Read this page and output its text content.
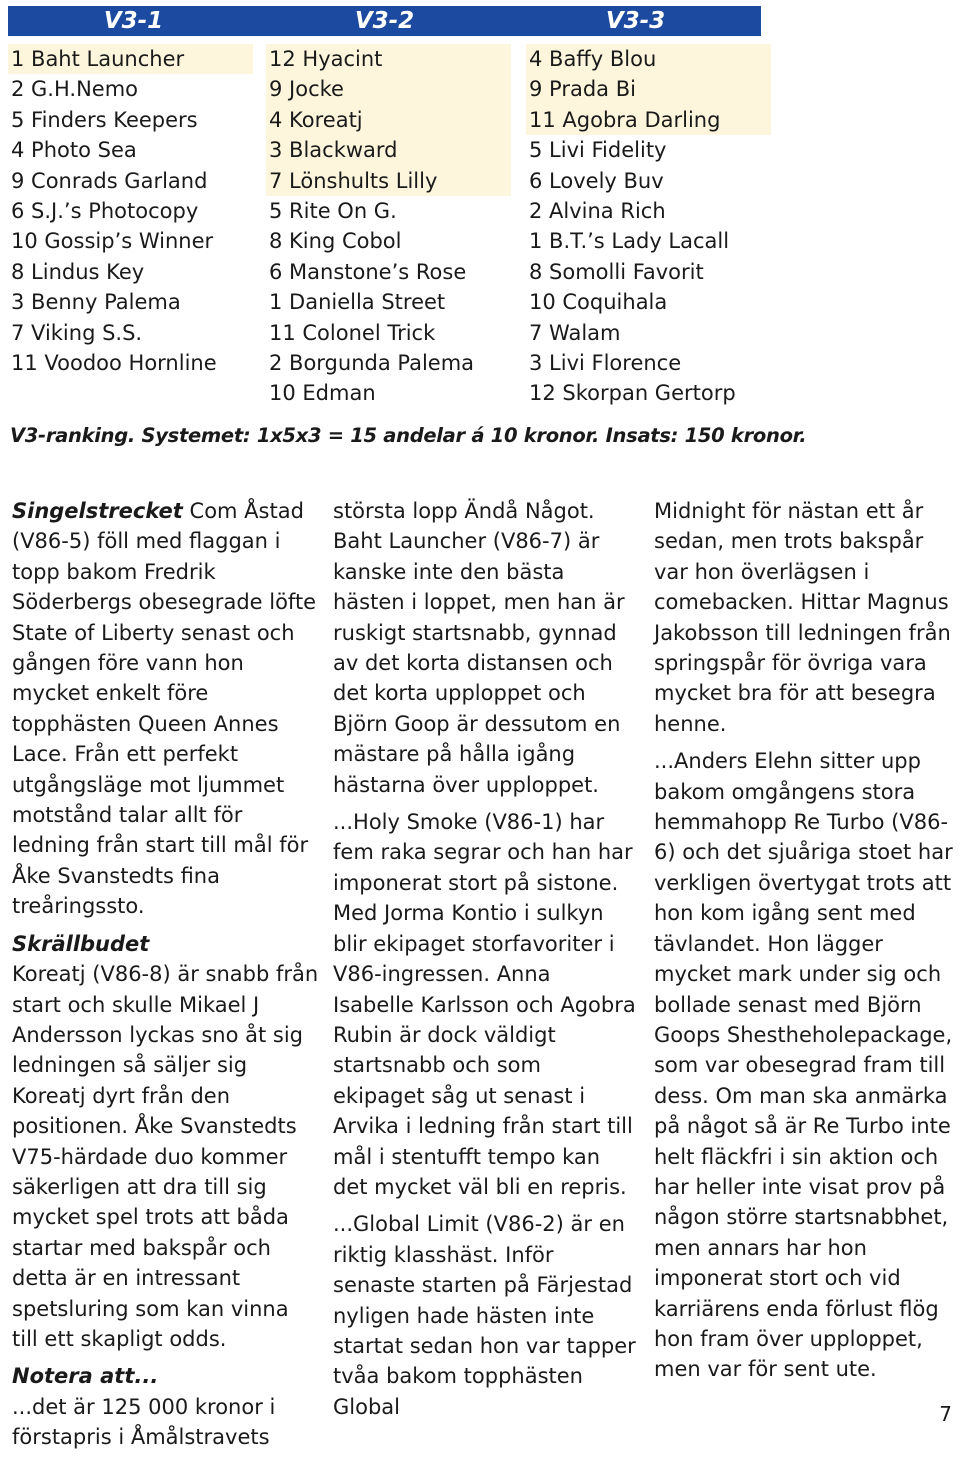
V3-1	V3-2	V3-3
1 Baht Launcher
2 G.H.Nemo
5 Finders Keepers
4 Photo Sea
9 Conrads Garland
6 S.J.’s Photocopy
10 Gossip’s Winner
8 Lindus Key
3 Benny Palema
7 Viking S.S.
11 Voodoo Hornline
12 Hyacint
9 Jocke
4 Koreatj
3 Blackward
7 Lönshults Lilly
5 Rite On G.
8 King Cobol
6 Manstone’s Rose
1 Daniella Street
11 Colonel Trick
2 Borgunda Palema
10 Edman
4 Baffy Blou
9 Prada Bi
11 Agobra Darling
5 Livi Fidelity
6 Lovely Buv
2 Alvina Rich
1 B.T.’s Lady Lacall
8 Somolli Favorit
10 Coquihala
7 Walam
3 Livi Florence
12 Skorpan Gertorp
V3-ranking. Systemet: 1x5x3 = 15 andelar á 10 kronor. Insats: 150 kronor.

Singelstrecket Com Åstad (V86-5) föll med flaggan i topp bakom Fredrik Söderbergs obesegrade löfte State of Liberty senast och gången före vann hon mycket enkelt före topphästen Queen Annes Lace. Från ett perfekt utgångsläge mot ljummet motstånd talar allt för ledning från start till mål för Åke Svanstedts fina treåringssto.

Skrällbudet
Koreatj (V86-8) är snabb från start och skulle Mikael J Andersson lyckas sno åt sig ledningen så säljer sig Koreatj dyrt från den positionen. Åke Svanstedts V75-härdade duo kommer säkerligen att dra till sig mycket spel trots att båda startar med bakspår och detta är en intressant spetsluring som kan vinna till ett skapligt odds.

Notera att...
...det är 125 000 kronor i förstapris i Åmålstravets

största lopp Ändå Något. Baht Launcher (V86-7) är kanske inte den bästa hästen i loppet, men han är ruskigt startsnabb, gynnad av det korta distansen och det korta upploppet och Björn Goop är dessutom en mästare på hålla igång hästarna över upploppet.

...Holy Smoke (V86-1) har fem raka segrar och han har imponerat stort på sistone. Med Jorma Kontio i sulkyn blir ekipaget storfavoriter i V86-ingressen. Anna Isabelle Karlsson och Agobra Rubin är dock väldigt startsnabb och som ekipaget såg ut senast i Arvika i ledning från start till mål i stentufft tempo kan det mycket väl bli en repris.

...Global Limit (V86-2) är en riktig klasshäst. Inför senaste starten på Färjestad nyligen hade hästen inte startat sedan hon var tapper tvåa bakom topphästen Global

Midnight för nästan ett år sedan, men trots bakspår var hon överlägsen i comebacken. Hittar Magnus Jakobsson till ledningen från springspår för övriga vara mycket bra för att besegra henne.

...Anders Elehn sitter upp bakom omgångens stora hemmahopp Re Turbo (V86-6) och det sjuåriga stoet har verkligen övertygat trots att hon kom igång sent med tävlandet. Hon lägger mycket mark under sig och bollade senast med Björn Goops Shestheholepackage, som var obesegrad fram till dess. Om man ska anmärka på något så är Re Turbo inte helt fläckfri i sin aktion och har heller inte visat prov på någon större startsnabbhet, men annars har hon imponerat stort och vid karriärens enda förlust flög hon fram över upploppet, men var för sent ute.

7
